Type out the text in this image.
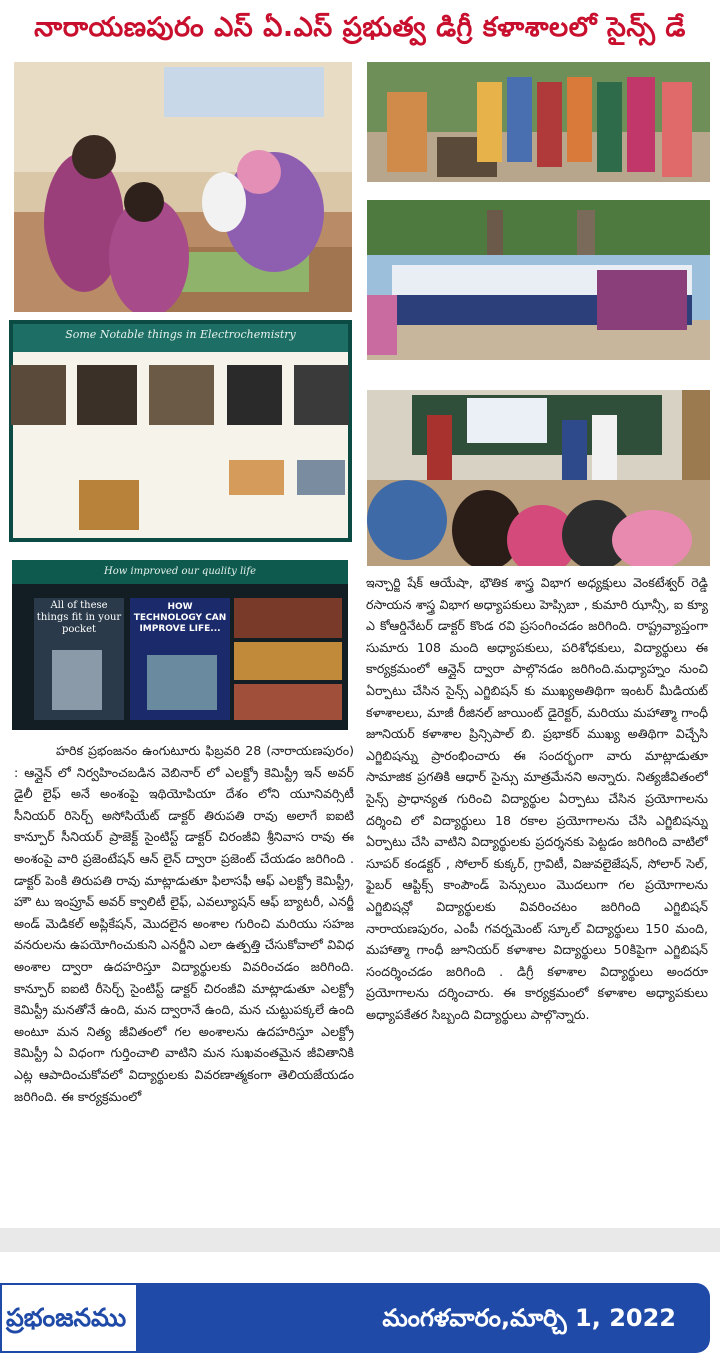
నారాయణపురం ఎస్ ఏ.ఎస్ ప్రభుత్వ డిగ్రీ కళాశాలలో సైన్స్ డే
Some Notable things in Electrochemistry
How improved our quality life
All of these things fit in your pocket
HOW TECHNOLOGY CAN IMPROVE LIFE...

హరిక ప్రభంజనం ఉంగుటూరు ఫిబ్రవరి 28 (నారాయణపురం) : ఆన్లైన్ లో నిర్వహించబడిన వెబినార్ లో ఎలక్ట్రో కెమిస్ట్రీ ఇన్ అవర్ డైలీ లైఫ్ అనే అంశంపై ఇథియోపియా దేశం లోని యూనివర్సిటీ సీనియర్ రిసెర్చ్ అసోసియేట్ డాక్టర్ తిరుపతి రావు అలాగే ఐఐటి కాన్పూర్ సీనియర్ ప్రాజెక్ట్ సైంటిస్ట్ డాక్టర్ చిరంజీవి శ్రీనివాస రావు ఈ అంశంపై వారి ప్రజెంటేషన్ ఆన్ లైన్ ద్వారా ప్రజెంట్ చేయడం జరిగింది . డాక్టర్ పెంకి తిరుపతి రావు మాట్లాడుతూ ఫిలాసఫీ ఆఫ్ ఎలక్ట్రో కెమిస్ట్రీ, హౌ టు ఇంప్రూవ్ అవర్ క్వాలిటీ లైఫ్, ఎవల్యూషన్ ఆఫ్ బ్యాటరీ, ఎనర్జీ అండ్ మెడికల్ అప్లికేషన్, మొదలైన అంశాల గురించి మరియు సహజ వనరులను ఉపయోగించుకుని ఎనర్జీని ఎలా ఉత్పత్తి చేసుకోవాలో వివిధ అంశాల ద్వారా ఉదహరిస్తూ విద్యార్థులకు వివరించడం జరిగింది. కాన్పూర్ ఐఐటి రీసెర్చ్ సైంటిస్ట్ డాక్టర్ చిరంజీవి మాట్లాడుతూ ఎలక్ట్రో కెమిస్ట్రీ మనతోనే ఉంది, మన ద్వారానే ఉంది, మన చుట్టుపక్కలే ఉంది అంటూ మన నిత్య జీవితంలో గల అంశాలను ఉదహరిస్తూ ఎలక్ట్రో కెమిస్ట్రీ ఏ విధంగా గుర్తించాలి వాటిని మన సుఖవంతమైన జీవితానికి ఎట్ల ఆపాదించుకోవలో విద్యార్థులకు వివరణాత్మకంగా తెలియజేయడం జరిగింది. ఈ కార్యక్రమంలో

ఇన్చార్జి షేక్ ఆయేషా, భౌతిక శాస్త్ర విభాగ అధ్యక్షులు వెంకటేశ్వర్ రెడ్డి రసాయన శాస్త్ర విభాగ అధ్యాపకులు హెప్సిబా , కుమారి ఝాన్సీ, ఐ క్యూ ఎ కోఆర్డినేటర్ డాక్టర్ కొండ రవి ప్రసంగించడం జరిగింది. రాష్ట్రవ్యాప్తంగా సుమారు 108 మంది అధ్యాపకులు, పరిశోధకులు, విద్యార్థులు ఈ కార్యక్రమంలో ఆన్లైన్ ద్వారా పాల్గొనడం జరిగింది.మధ్యాహ్నం నుంచి ఏర్పాటు చేసిన సైన్స్ ఎగ్జిబిషన్ కు ముఖ్యఅతిథిగా ఇంటర్ మీడియట్ కళాశాలలు, మాజీ రీజినల్ జాయింట్ డైరెక్టర్, మరియు మహాత్మా గాంధీ జూనియర్ కళాశాల ప్రిన్సిపాల్ బి. ప్రభాకర్ ముఖ్య అతిథిగా విచ్చేసి ఎగ్జిబిషన్ను ప్రారంభించారు ఈ సందర్భంగా వారు మాట్లాడుతూ సామాజిక ప్రగతికి ఆధార్ సైన్సు మాత్రమేనని అన్నారు. నిత్యజీవితంలో సైన్స్ ప్రాధాన్యత గురించి విద్యార్థుల ఏర్పాటు చేసిన ప్రయోగాలను దర్శించి లో విద్యార్థులు 18 రకాల ప్రయోగాలను చేసి ఎగ్జిబిషన్ను ఏర్పాటు చేసి వాటిని విద్యార్థులకు ప్రదర్శనకు పెట్టడం జరిగింది వాటిలో సూపర్ కండక్టర్ , సోలార్ కుక్కర్, గ్రావిటీ, విజువలైజేషన్, సోలార్ సెల్, ఫైబర్ ఆప్టిక్స్ కాంపౌండ్ పెన్సులుం మొదలుగా గల ప్రయోగాలను ఎగ్జిబిషన్లో విద్యార్థులకు వివరించటం జరిగింది ఎగ్జిబిషన్ నారాయణపురం, ఎంపీ గవర్నమెంట్ స్కూల్ విద్యార్థులు 150 మంది, మహాత్మా గాంధీ జూనియర్ కళాశాల విద్యార్థులు 50కిపైగా ఎగ్జిబిషన్ సందర్శించడం జరిగింది . డిగ్రీ కళాశాల విద్యార్థులు అందరూ ప్రయోగాలను దర్శించారు. ఈ కార్యక్రమంలో కళాశాల అధ్యాపకులు అధ్యాపకేతర సిబ్బంది విద్యార్థులు పాల్గొన్నారు.

ప్రభంజనము	మంగళవారం,మార్చి 1, 2022
